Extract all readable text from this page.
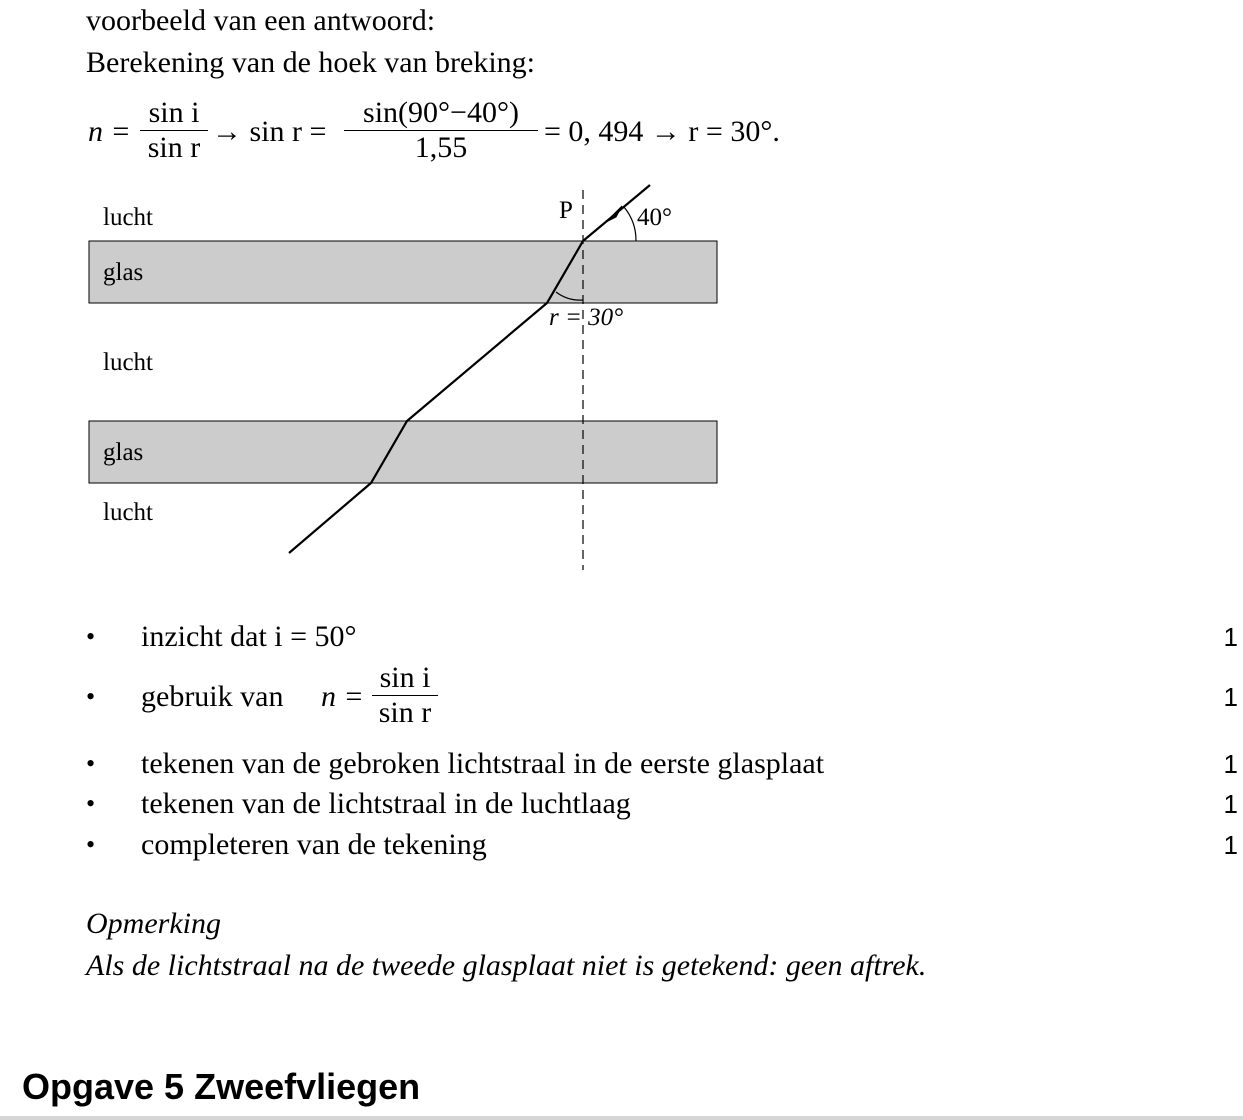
voorbeeld van een antwoord:
Berekening van de hoek van breking:
n =
sin i
sin r → sin r =
sin(90°−40°)
1,55	= 0, 494 → r = 30°.
lucht
glas
lucht
glas
lucht
P	40°
r = 30°
• inzicht dat i = 50°	1
• gebruik van n =
sin i
sin r	1
• tekenen van de gebroken lichtstraal in de eerste glasplaat	1
• tekenen van de lichtstraal in de luchtlaag	1
• completeren van de tekening	1
Opmerking
Als de lichtstraal na de tweede glasplaat niet is getekend: geen aftrek.
Opgave 5 Zweefvliegen
